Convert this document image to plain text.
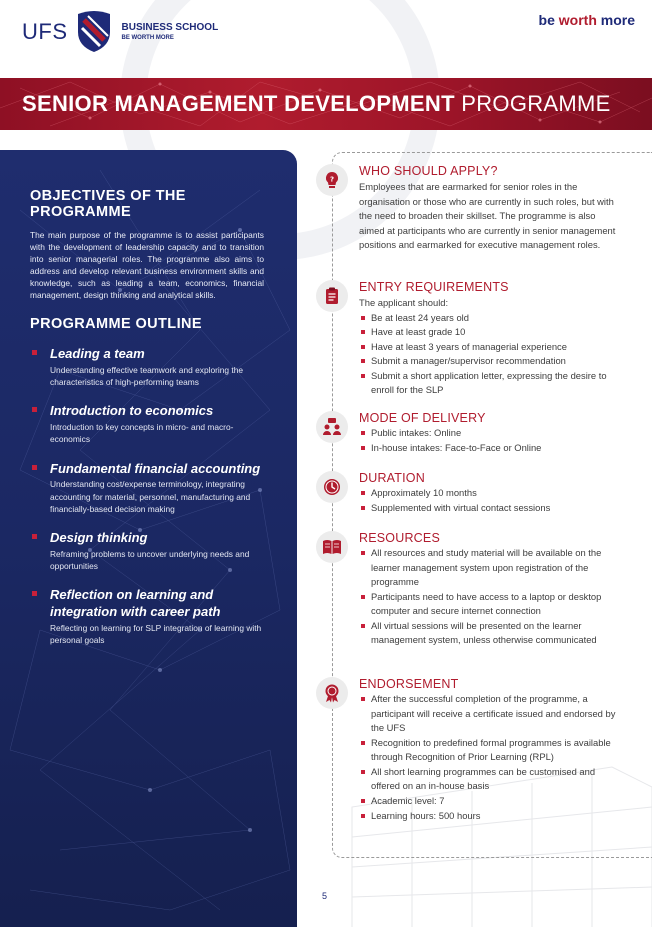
UFS	BUSINESS SCHOOL
BE WORTH MORE
be worth more
SENIOR MANAGEMENT DEVELOPMENT PROGRAMME
OBJECTIVES OF THE PROGRAMME
The main purpose of the programme is to assist participants with the development of leadership capacity and to transition into senior managerial roles. The programme also aims to address and develop relevant business environment skills and knowledge, such as leading a team, economics, financial management, design thinking and analytical skills.
PROGRAMME OUTLINE
Leading a team
Understanding effective teamwork and exploring the characteristics of high-performing teams
Introduction to economics
Introduction to key concepts in micro- and macro-economics
Fundamental financial accounting
Understanding cost/expense terminology, integrating accounting for material, personnel, manufacturing and financially-based decision making
Design thinking
Reframing problems to uncover underlying needs and opportunities
Reflection on learning and integration with career path
Reflecting on learning for SLP integration of learning with personal goals
?
WHO SHOULD APPLY?
Employees that are earmarked for senior roles in the organisation or those who are currently in such roles, but with the need to broaden their skillset. The programme is also aimed at participants who are currently in senior management positions and earmarked for executive management roles.
ENTRY REQUIREMENTS
The applicant should:
Be at least 24 years old
Have at least grade 10
Have at least 3 years of managerial experience
Submit a manager/supervisor recommendation
Submit a short application letter, expressing the desire to enroll for the SLP
MODE OF DELIVERY
Public intakes: Online
In-house intakes: Face-to-Face or Online
DURATION
Approximately 10 months
Supplemented with virtual contact sessions
RESOURCES
All resources and study material will be available on the learner management system upon registration of the programme
Participants need to have access to a laptop or desktop computer and secure internet connection
All virtual sessions will be presented on the learner management system, unless otherwise communicated
ENDORSEMENT
After the successful completion of the programme, a participant will receive a certificate issued and endorsed by the UFS
Recognition to predefined formal programmes is available through Recognition of Prior Learning (RPL)
All short learning programmes can be customised and offered on an in-house basis
Academic level: 7
Learning hours: 500 hours
5
